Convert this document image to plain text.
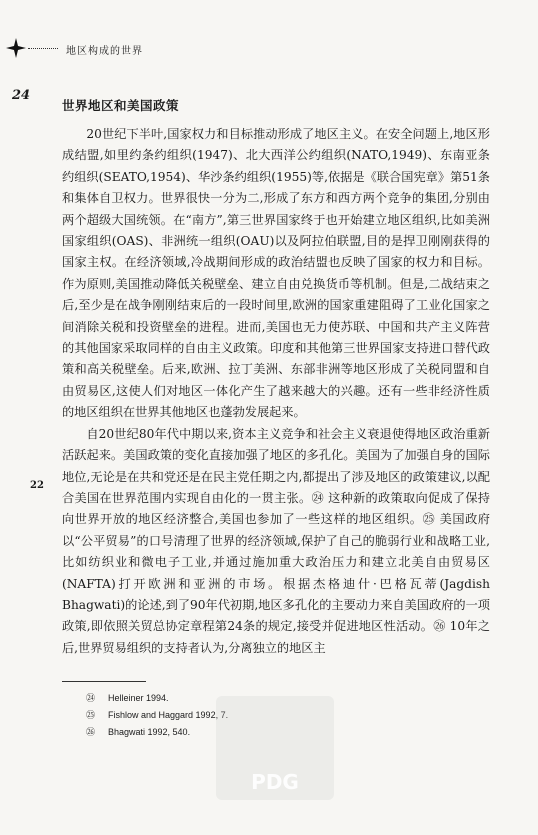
地区构成的世界
24
22
世界地区和美国政策

20世纪下半叶,国家权力和目标推动形成了地区主义。在安全问题上,地区形成结盟,如里约条约组织(1947)、北大西洋公约组织(NATO,1949)、东南亚条约组织(SEATO,1954)、华沙条约组织(1955)等,依据是《联合国宪章》第51条和集体自卫权力。世界很快一分为二,形成了东方和西方两个竞争的集团,分别由两个超级大国统领。在“南方”,第三世界国家终于也开始建立地区组织,比如美洲国家组织(OAS)、非洲统一组织(OAU)以及阿拉伯联盟,目的是捍卫刚刚获得的国家主权。在经济领域,冷战期间形成的政治结盟也反映了国家的权力和目标。作为原则,美国推动降低关税壁垒、建立自由兑换货币等机制。但是,二战结束之后,至少是在战争刚刚结束后的一段时间里,欧洲的国家重建阻碍了工业化国家之间消除关税和投资壁垒的进程。进而,美国也无力使苏联、中国和共产主义阵营的其他国家采取同样的自由主义政策。印度和其他第三世界国家支持进口替代政策和高关税壁垒。后来,欧洲、拉丁美洲、东部非洲等地区形成了关税同盟和自由贸易区,这使人们对地区一体化产生了越来越大的兴趣。还有一些非经济性质的地区组织在世界其他地区也蓬勃发展起来。

自20世纪80年代中期以来,资本主义竞争和社会主义衰退使得地区政治重新活跃起来。美国政策的变化直接加强了地区的多孔化。美国为了加强自身的国际地位,无论是在共和党还是在民主党任期之内,都提出了涉及地区的政策建议,以配合美国在世界范围内实现自由化的一贯主张。㉔ 这种新的政策取向促成了保持向世界开放的地区经济整合,美国也参加了一些这样的地区组织。㉕ 美国政府以“公平贸易”的口号清理了世界的经济领域,保护了自己的脆弱行业和战略工业,比如纺织业和微电子工业,并通过施加重大政治压力和建立北美自由贸易区(NAFTA)打开欧洲和亚洲的市场。根据杰格迪什·巴格瓦蒂(Jagdish Bhagwati)的论述,到了90年代初期,地区多孔化的主要动力来自美国政府的一项政策,即依照关贸总协定章程第24条的规定,接受并促进地区性活动。㉖ 10年之后,世界贸易组织的支持者认为,分离独立的地区主

㉔ Helleiner 1994.
㉕ Fishlow and Haggard 1992, 7.
㉖ Bhagwati 1992, 540.
PDG
